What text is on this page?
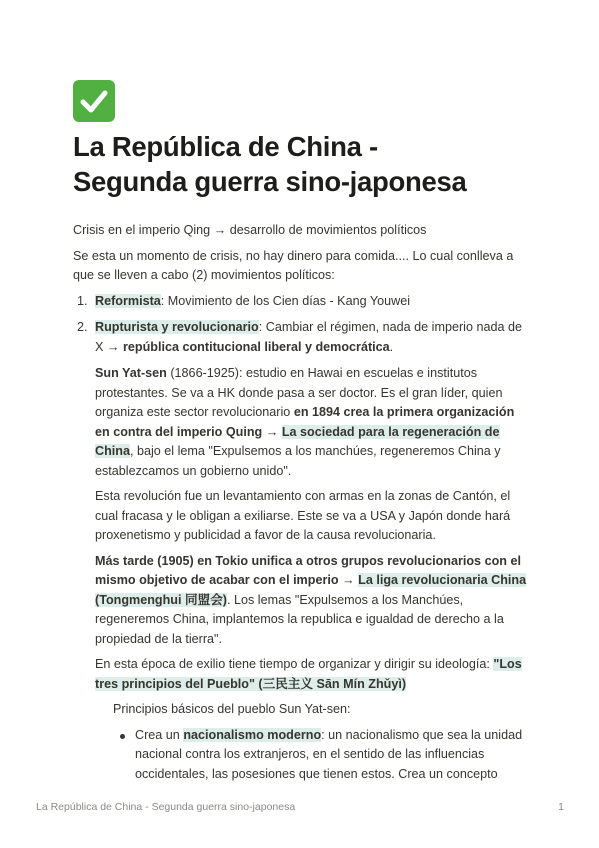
La República de China -
Segunda guerra sino-japonesa

Crisis en el imperio Qing → desarrollo de movimientos políticos

Se esta un momento de crisis, no hay dinero para comida.... Lo cual conlleva a que se lleven a cabo (2) movimientos políticos:

1. Reformista: Movimiento de los Cien días - Kang Youwei
2. Rupturista y revolucionario: Cambiar el régimen, nada de imperio nada de X → república contitucional liberal y democrática.

Sun Yat-sen (1866-1925): estudio en Hawai en escuelas e institutos protestantes. Se va a HK donde pasa a ser doctor. Es el gran líder, quien organiza este sector revolucionario en 1894 crea la primera organización en contra del imperio Quing → La sociedad para la regeneración de China, bajo el lema "Expulsemos a los manchúes, regeneremos China y establezcamos un gobierno unido".

Esta revolución fue un levantamiento con armas en la zonas de Cantón, el cual fracasa y le obligan a exiliarse. Este se va a USA y Japón donde hará proxenetismo y publicidad a favor de la causa revolucionaria.

Más tarde (1905) en Tokio unifica a otros grupos revolucionarios con el mismo objetivo de acabar con el imperio → La liga revolucionaria China (Tongmenghui 同盟会). Los lemas "Expulsemos a los Manchúes, regeneremos China, implantemos la republica e igualdad de derecho a la propiedad de la tierra".

En esta época de exilio tiene tiempo de organizar y dirigir su ideología: "Los tres principios del Pueblo" (三民主义 Sān Mín Zhǔyì)

Principios básicos del pueblo Sun Yat-sen:

Crea un nacionalismo moderno: un nacionalismo que sea la unidad nacional contra los extranjeros, en el sentido de las influencias occidentales, las posesiones que tienen estos. Crea un concepto
La República de China - Segunda guerra sino-japonesa	1
